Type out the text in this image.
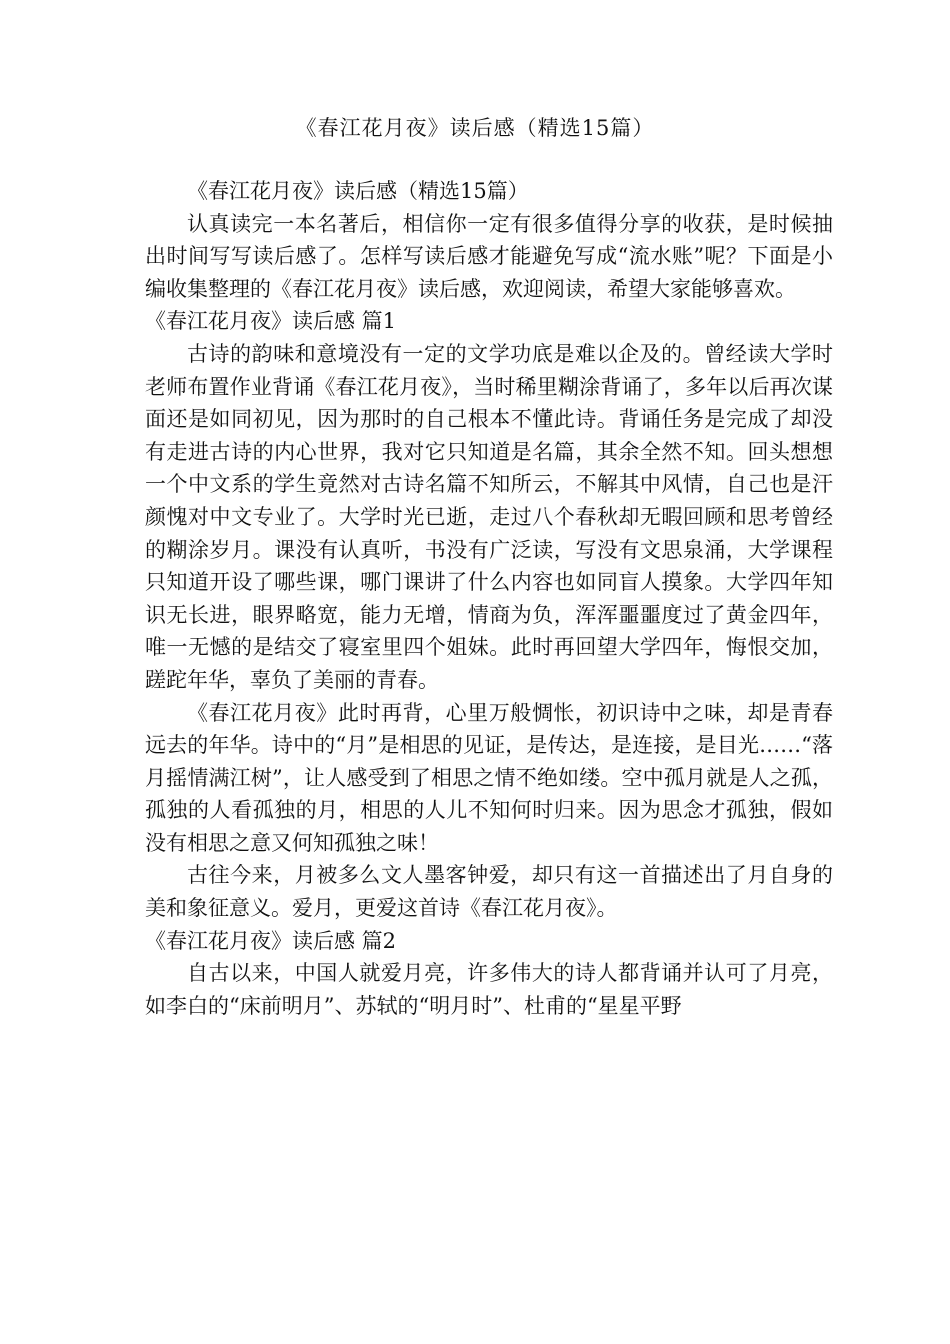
《春江花月夜》读后感（精选15篇）

《春江花月夜》读后感（精选15篇）

认真读完一本名著后，相信你一定有很多值得分享的收获，是时候抽出时间写写读后感了。怎样写读后感才能避免写成“流水账”呢？下面是小编收集整理的《春江花月夜》读后感，欢迎阅读，希望大家能够喜欢。

《春江花月夜》读后感 篇1

古诗的韵味和意境没有一定的文学功底是难以企及的。曾经读大学时老师布置作业背诵《春江花月夜》，当时稀里糊涂背诵了，多年以后再次谋面还是如同初见，因为那时的自己根本不懂此诗。背诵任务是完成了却没有走进古诗的内心世界，我对它只知道是名篇，其余全然不知。回头想想一个中文系的学生竟然对古诗名篇不知所云，不解其中风情，自己也是汗颜愧对中文专业了。大学时光已逝，走过八个春秋却无暇回顾和思考曾经的糊涂岁月。课没有认真听，书没有广泛读，写没有文思泉涌，大学课程只知道开设了哪些课，哪门课讲了什么内容也如同盲人摸象。大学四年知识无长进，眼界略宽，能力无增，情商为负，浑浑噩噩度过了黄金四年，唯一无憾的是结交了寝室里四个姐妹。此时再回望大学四年，悔恨交加，蹉跎年华，辜负了美丽的青春。

《春江花月夜》此时再背，心里万般惆怅，初识诗中之味，却是青春远去的年华。诗中的“月”是相思的见证，是传达，是连接，是目光……“落月摇情满江树”，让人感受到了相思之情不绝如缕。空中孤月就是人之孤，孤独的人看孤独的月，相思的人儿不知何时归来。因为思念才孤独，假如没有相思之意又何知孤独之味！

古往今来，月被多么文人墨客钟爱，却只有这一首描述出了月自身的美和象征意义。爱月，更爱这首诗《春江花月夜》。

《春江花月夜》读后感 篇2

自古以来，中国人就爱月亮，许多伟大的诗人都背诵并认可了月亮，如李白的“床前明月”、苏轼的“明月时”、杜甫的“星星平野
